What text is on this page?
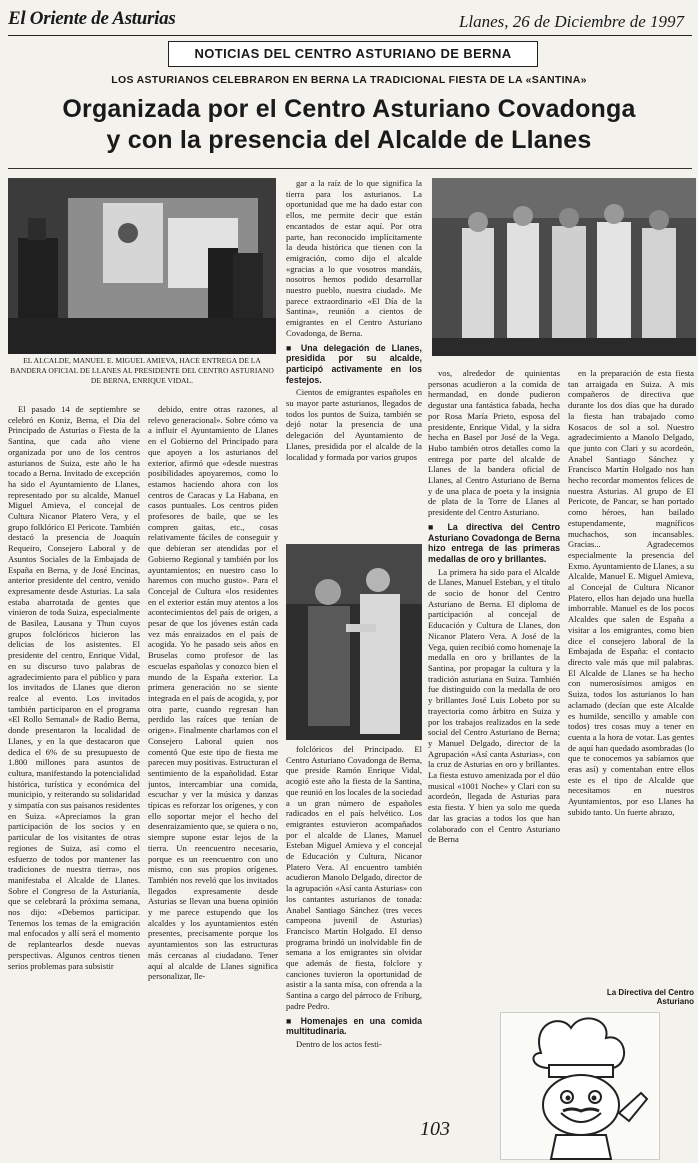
El Oriente de Asturias	Llanes, 26 de Diciembre de 1997
NOTICIAS DEL CENTRO ASTURIANO DE BERNA
LOS ASTURIANOS CELEBRARON EN BERNA LA TRADICIONAL FIESTA DE LA «SANTINA»
Organizada por el Centro Asturiano Covadonga
y con la presencia del Alcalde de Llanes
EL ALCALDE, MANUEL E. MIGUEL AMIEVA, HACE ENTREGA DE LA BANDERA OFICIAL DE LLANES AL PRESIDENTE DEL CENTRO ASTURIANO DE BERNA, ENRIQUE VIDAL.

El pasado 14 de septiembre se celebró en Koniz, Berna, el Día del Principado de Asturias o Fiesta de la Santina, que cada año viene organizada por uno de los centros asturianos de Suiza, este año le ha tocado a Berna. Invitado de excepción ha sido el Ayuntamiento de Llanes, representado por su alcalde, Manuel Miguel Amieva, el concejal de Cultura Nicanor Platero Vera, y el grupo folklórico El Pericote. También destacó la presencia de Joaquín Requeiro, Consejero Laboral y de Asuntos Sociales de la Embajada de España en Berna, y de José Encinas, anterior presidente del centro, venido expresamente desde Asturias. La sala estaba abarrotada de gentes que vinieron de toda Suiza, especialmente de Basilea, Lausana y Thun cuyos grupos folclóricos hicieron las delicias de los asistentes. El presidente del centro, Enrique Vidal, en su discurso tuvo palabras de agradecimiento para el público y para los invitados de Llanes que dieron realce al evento. Los invitados también participaron en el programa «El Rollo Semanal» de Radio Berna, donde presentaron la localidad de Llanes, y en la que destacaron que dedica el 6% de su presupuesto de 1.800 millones para asuntos de cultura, manifestando la potencialidad histórica, turística y económica del municipio, y reiterando su solidaridad y simpatía con sus paisanos residentes en Suiza. «Apreciamos la gran participación de los socios y en particular de los visitantes de otras regiones de Suiza, así como el esfuerzo de todos por mantener las tradiciones de nuestra tierra», nos manifestaba el Alcalde de Llanes. Sobre el Congreso de la Asturianía, que se celebrará la próxima semana, nos dijo: «Debemos participar. Tenemos los temas de la emigración mal enfocados y allí será el momento de replantearlos desde nuevas perspectivas. Algunos centros tienen serios problemas para subsistir

debido, entre otras razones, al relevo generacional». Sobre cómo va a influir el Ayuntamiento de Llanes en el Gobierno del Principado para que apoyen a los asturianos del exterior, afirmó que «desde nuestras posibilidades apoyaremos, como lo estamos haciendo ahora con los centros de Caracas y La Habana, en casos puntuales. Los centros piden profesores de baile, que se les compren gaitas, etc., cosas relativamente fáciles de conseguir y que debieran ser atendidas por el Gobierno Regional y también por los ayuntamientos; en nuestro caso lo haremos con mucho gusto». Para el Concejal de Cultura «los residentes en el exterior están muy atentos a los acontecimientos del país de origen, a pesar de que los jóvenes están cada vez más enraizados en el país de acogida. Yo he pasado seis años en Bruselas como profesor de las escuelas españolas y conozco bien el mundo de la España exterior. La primera generación no se siente integrada en el país de acogida, y, por otra parte, cuando regresan han perdido las raíces que tenían de origen». Finalmente charlamos con el Consejero Laboral quien nos comentó Que este tipo de fiesta me parecen muy positivas. Estructuran el sentimiento de la españolidad. Estar juntos, intercambiar una comida, escuchar y ver la música y danzas típicas es reforzar los orígenes, y con ello soportar mejor el hecho del desenraizamiento que, se quiera o no, siempre supone estar lejos de la tierra. Un reencuentro necesario, porque es un reencuentro con uno mismo, con sus propios orígenes. También nos reveló que los invitados llegados expresamente desde Asturias se llevan una buena opinión y me parece estupendo que los alcaldes y los ayuntamientos estén presentes, precisamente porque los ayuntamientos son las estructuras más cercanas al ciudadano. Tener aquí al alcalde de Llanes significa personalizar, lle-

gar a la raíz de lo que significa la tierra para los asturianos. La oportunidad que me ha dado estar con ellos, me permite decir que están encantados de estar aquí. Por otra parte, han reconocido implícitamente la deuda histórica que tienen con la emigración, como dijo el alcalde «gracias a lo que vosotros mandáis, nosotros hemos podido desarrollar nuestro pueblo, nuestra ciudad». Me parece extraordinario «El Día de la Santina», reunión a cientos de emigrantes en el Centro Asturiano Covadonga, de Berna.

■ Una delegación de Llanes, presidida por su alcalde, participó activamente en los festejos.

Cientos de emigrantes españoles en su mayor parte asturianos, llegados de todos los puntos de Suiza, también se dejó notar la presencia de una delegación del Ayuntamiento de Llanes, presidida por el alcalde de la localidad y formada por varios grupos

folclóricos del Principado. El Centro Asturiano Covadonga de Berna, que preside Ramón Enrique Vidal, acogió este año la fiesta de la Santina, que reunió en los locales de la sociedad a un gran número de españoles radicados en el país helvético. Los emigrantes estuvieron acompañados por el alcalde de Llanes, Manuel Esteban Miguel Amieva y el concejal de Educación y Cultura, Nicanor Platero Vera. Al encuentro también acudieron Manolo Delgado, director de la agrupación «Así canta Asturias» con los cantantes asturianos de tonada: Anabel Santiago Sánchez (tres veces campeona juvenil de Asturias) Francisco Martín Holgado. El denso programa brindó un inolvidable fin de semana a los emigrantes sin olvidar que además de fiesta, folclore y canciones tuvieron la oportunidad de asistir a la santa misa, con ofrenda a la Santina a cargo del párroco de Friburg, padre Pedro.

■ Homenajes en una comida multitudinaria.

Dentro de los actos festi-

vos, alrededor de quinientas personas acudieron a la comida de hermandad, en donde pudieron degustar una fantástica fabada, hecha por Rosa María Prieto, esposa del presidente, Enrique Vidal, y la sidra hecha en Basel por José de la Vega. Hubo también otros detalles como la entrega por parte del alcalde de Llanes de la bandera oficial de Llanes, al Centro Asturiano de Berna y de una placa de poeta y la insignia de plata de la Torre de Llanes al presidente del Centro Asturiano.

■ La directiva del Centro Asturiano Covadonga de Berna hizo entrega de las primeras medallas de oro y brillantes.

La primera ha sido para el Alcalde de Llanes, Manuel Esteban, y el título de socio de honor del Centro Asturiano de Berna. El diploma de participación al concejal de Educación y Cultura de Llanes, don Nicanor Platero Vera. A José de la Vega, quien recibió como homenaje la medalla en oro y brillantes de la Santina, por propagar la cultura y la tradición asturiana en Suiza. También fue distinguido con la medalla de oro y brillantes José Luis Lobeto por su trayectoria como árbitro en Suiza y por los trabajos realizados en la sede social del Centro Asturiano de Berna; y Manuel Delgado, director de la Agrupación «Así canta Asturias», con la cruz de Asturias en oro y brillantes. La fiesta estuvo amenizada por el dúo musical «1001 Noche» y Clari con su acordeón, llegada de Asturias para esta fiesta. Y bien ya solo me queda dar las gracias a todos los que han colaborado con el Centro Asturiano de Berna

en la preparación de esta fiesta tan arraigada en Suiza. A mis compañeros de directiva que durante los dos días que ha durado la fiesta han trabajado como Kosacos de sol a sol. Nuestro agradecimiento a Manolo Delgado, que junto con Clari y su acordeón, Anabel Santiago Sánchez y Francisco Martín Holgado nos han hecho recordar momentos felices de nuestra Asturias. Al grupo de El Pericote, de Pancar, se han portado como héroes, han bailado estupendamente, magníficos muchachos, son incansables. Gracias... Agradecemos especialmente la presencia del Exmo. Ayuntamiento de Llanes, a su Alcalde, Manuel E. Miguel Amieva, al Concejal de Cultura Nicanor Platero, ellos han dejado una huella imborrable. Manuel es de los pocos Alcaldes que salen de España a visitar a los emigrantes, como bien dice el consejero laboral de la Embajada de España: el contacto directo vale más que mil palabras. El Alcalde de Llanes se ha hecho con numerosísimos amigos en Suiza, todos los asturianos lo han aclamado (decían que este Alcalde es humilde, sencillo y amable con todos) tres cosas muy a tener en cuenta a la hora de votar. Las gentes de aquí han quedado asombradas (lo que te conocemos ya sabíamos que eras así) y comentaban entre ellos este es el tipo de Alcalde que necesitamos en nuestros Ayuntamientos, por eso Llanes ha subido tanto. Un fuerte abrazo,

La Directiva del Centro Asturiano
103
